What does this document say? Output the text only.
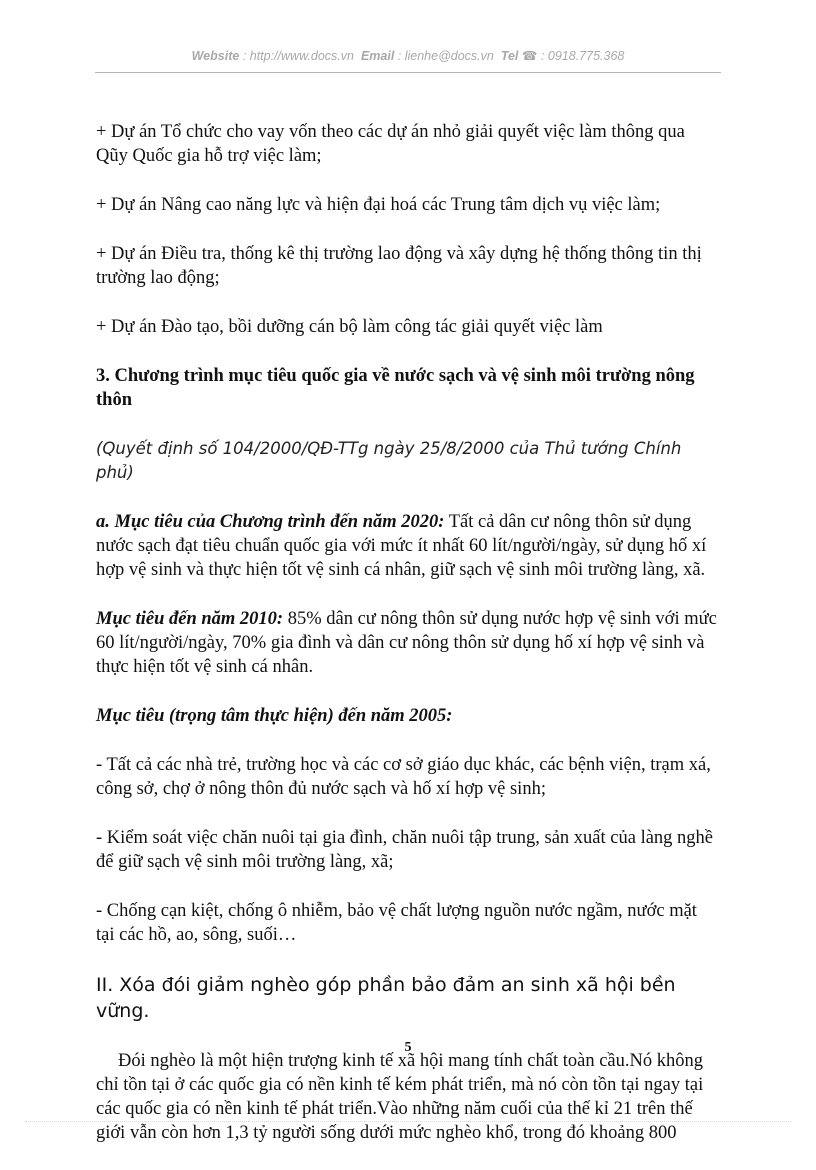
Website : http://www.docs.vn Email : lienhe@docs.vn Tel ☎ : 0918.775.368

+ Dự án Tổ chức cho vay vốn theo các dự án nhỏ giải quyết việc làm thông qua Qũy Quốc gia hỗ trợ việc làm;

+ Dự án Nâng cao năng lực và hiện đại hoá các Trung tâm dịch vụ việc làm;

+ Dự án Điều tra, thống kê thị trường lao động và xây dựng hệ thống thông tin thị trường lao động;

+ Dự án Đào tạo, bồi dưỡng cán bộ làm công tác giải quyết việc làm

3. Chương trình mục tiêu quốc gia về nước sạch và vệ sinh môi trường nông thôn

(Quyết định số 104/2000/QĐ-TTg ngày 25/8/2000 của Thủ tướng Chính phủ)

a. Mục tiêu của Chương trình đến năm 2020: Tất cả dân cư nông thôn sử dụng nước sạch đạt tiêu chuẩn quốc gia với mức ít nhất 60 lít/người/ngày, sử dụng hố xí hợp vệ sinh và thực hiện tốt vệ sinh cá nhân, giữ sạch vệ sinh môi trường làng, xã.

Mục tiêu đến năm 2010: 85% dân cư nông thôn sử dụng nước hợp vệ sinh với mức 60 lít/người/ngày, 70% gia đình và dân cư nông thôn sử dụng hố xí hợp vệ sinh và thực hiện tốt vệ sinh cá nhân.

Mục tiêu (trọng tâm thực hiện) đến năm 2005:

- Tất cả các nhà trẻ, trường học và các cơ sở giáo dục khác, các bệnh viện, trạm xá, công sở, chợ ở nông thôn đủ nước sạch và hố xí hợp vệ sinh;

- Kiểm soát việc chăn nuôi tại gia đình, chăn nuôi tập trung, sản xuất của làng nghề để giữ sạch vệ sinh môi trường làng, xã;

- Chống cạn kiệt, chống ô nhiễm, bảo vệ chất lượng nguồn nước ngầm, nước mặt tại các hồ, ao, sông, suối…

II. Xóa đói giảm nghèo góp phần bảo đảm an sinh xã hội bền vững.

Đói nghèo là một hiện trượng kinh tế xã hội mang tính chất toàn cầu.Nó không chỉ tồn tại ở các quốc gia có nền kinh tế kém phát triển, mà nó còn tồn tại ngay tại các quốc gia có nền kinh tế phát triển.Vào những năm cuối của thế kỉ 21 trên thế giới vẫn còn hơn 1,3 tỷ người sống dưới mức nghèo khổ, trong đó khoảng 800

5
